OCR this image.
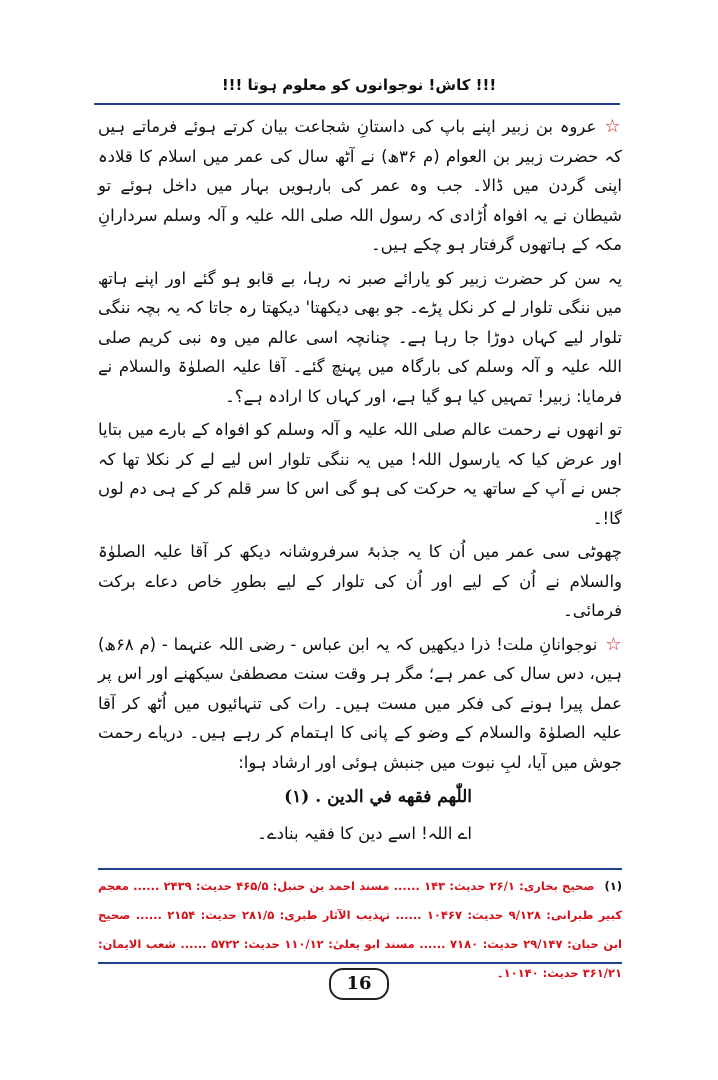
!!! کاش! نوجوانوں کو معلوم ہوتا !!!

☆عروہ بن زبیر اپنے باپ کی داستانِ شجاعت بیان کرتے ہوئے فرماتے ہیں کہ حضرت زبیر بن العوام (م ۳۶ھ) نے آٹھ سال کی عمر میں اسلام کا قلادہ اپنی گردن میں ڈالا۔ جب وہ عمر کی بارہویں بہار میں داخل ہوئے تو شیطان نے یہ افواہ اُڑادی کہ رسول اللہ صلی اللہ علیہ و آلہ وسلم سردارانِ مکہ کے ہاتھوں گرفتار ہو چکے ہیں۔

یہ سن کر حضرت زبیر کو یارائے صبر نہ رہا، بے قابو ہو گئے اور اپنے ہاتھ میں ننگی تلوار لے کر نکل پڑے۔ جو بھی دیکھتا' دیکھتا رہ جاتا کہ یہ بچہ ننگی تلوار لیے کہاں دوڑا جا رہا ہے۔ چنانچہ اسی عالم میں وہ نبی کریم صلی اللہ علیہ و آلہ وسلم کی بارگاہ میں پہنچ گئے۔ آقا علیہ الصلوٰۃ والسلام نے فرمایا: زبیر! تمہیں کیا ہو گیا ہے، اور کہاں کا ارادہ ہے؟۔

تو انھوں نے رحمت عالم صلی اللہ علیہ و آلہ وسلم کو افواہ کے بارے میں بتایا اور عرض کیا کہ یارسول اللہ! میں یہ ننگی تلوار اس لیے لے کر نکلا تھا کہ جس نے آپ کے ساتھ یہ حرکت کی ہو گی اس کا سر قلم کر کے ہی دم لوں گا!۔

چھوٹی سی عمر میں اُن کا یہ جذبۂ سرفروشانہ دیکھ کر آقا علیہ الصلوٰۃ والسلام نے اُن کے لیے اور اُن کی تلوار کے لیے بطورِ خاص دعاے برکت فرمائی۔

☆نوجوانانِ ملت! ذرا دیکھیں کہ یہ ابن عباس - رضی اللہ عنہما - (م ۶۸ھ) ہیں، دس سال کی عمر ہے؛ مگر ہر وقت سنت مصطفیٰ سیکھنے اور اس پر عمل پیرا ہونے کی فکر میں مست ہیں۔ رات کی تنہائیوں میں اُٹھ کر آقا علیہ الصلوٰۃ والسلام کے وضو کے پانی کا اہتمام کر رہے ہیں۔ دریاے رحمت جوش میں آیا، لبِ نبوت میں جنبش ہوئی اور ارشاد ہوا:

اللّٰهم فقهه في الدين . (۱)
اے اللہ! اسے دین کا فقیہ بنادے۔
(۱)صحیح بخاری: ۲۶/۱ حدیث: ۱۴۳ ...... مسند احمد بن حنبل: ۴۶۵/۵ حدیث: ۲۴۳۹ ...... معجم کبیر طبرانی: ۹/۱۲۸ حدیث: ۱۰۴۶۷ ...... تہذیب الآثار طبری: ۲۸۱/۵ حدیث: ۲۱۵۴ ...... صحیح ابن حبان: ۲۹/۱۴۷ حدیث: ۷۱۸۰ ...... مسند ابو یعلیٰ: ۱۱۰/۱۲ حدیث: ۵۷۲۲ ...... شعب الایمان: ۳۶۱/۲۱ حدیث: ۱۰۱۴۰۔
16
